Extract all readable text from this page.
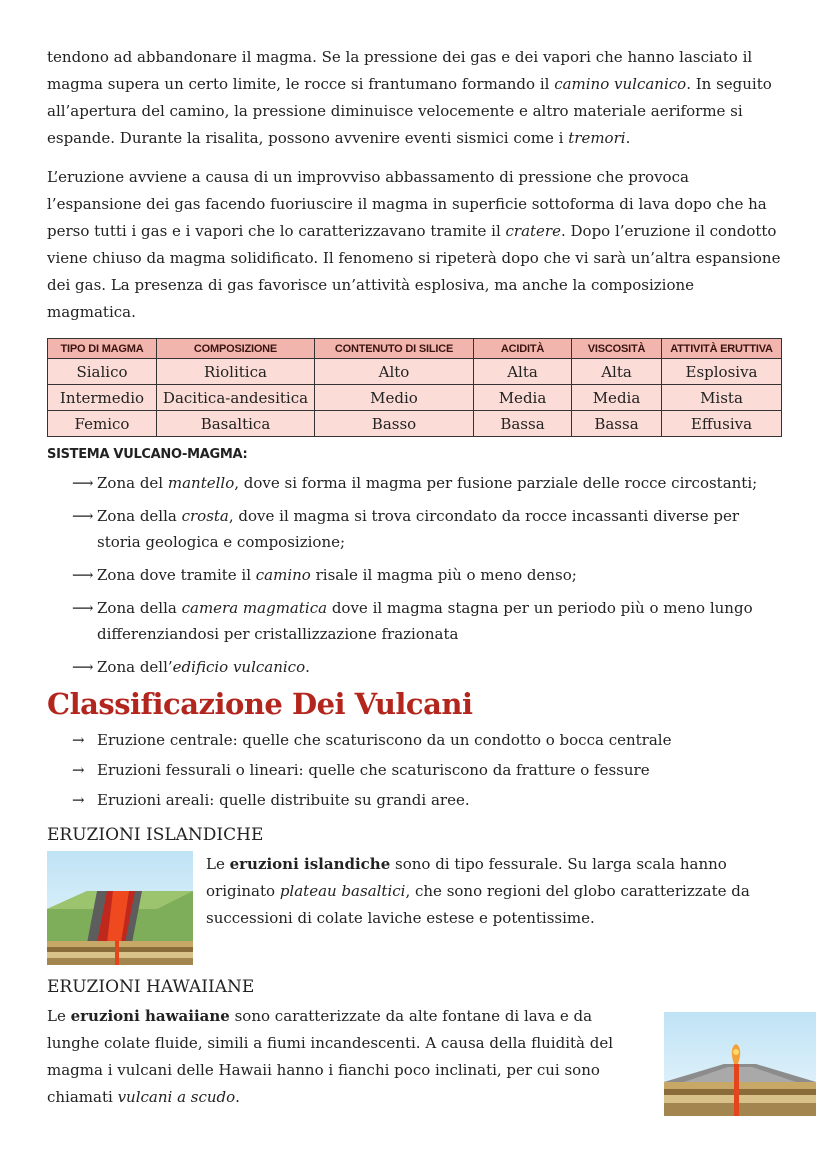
tendono ad abbandonare il magma. Se la pressione dei gas e dei vapori che hanno lasciato il magma supera un certo limite, le rocce si frantumano formando il camino vulcanico. In seguito all’apertura del camino, la pressione diminuisce velocemente e altro materiale aeriforme si espande. Durante la risalita, possono avvenire eventi sismici come i tremori.

L’eruzione avviene a causa di un improvviso abbassamento di pressione che provoca l’espansione dei gas facendo fuoriuscire il magma in superficie sottoforma di lava dopo che ha perso tutti i gas e i vapori che lo caratterizzavano tramite il cratere. Dopo l’eruzione il condotto viene chiuso da magma solidificato. Il fenomeno si ripeterà dopo che vi sarà un’altra espansione dei gas. La presenza di gas favorisce un’attività esplosiva, ma anche la composizione magmatica.

TIPO DI MAGMA	COMPOSIZIONE	CONTENUTO DI SILICE	ACIDITÀ	VISCOSITÀ	ATTIVITÀ ERUTTIVA
Sialico	Riolitica	Alto	Alta	Alta	Esplosiva
Intermedio	Dacitica-andesitica	Medio	Media	Media	Mista
Femico	Basaltica	Basso	Bassa	Bassa	Effusiva
SISTEMA VULCANO-MAGMA:
⟶ Zona del mantello, dove si forma il magma per fusione parziale delle rocce circostanti;
⟶ Zona della crosta, dove il magma si trova circondato da rocce incassanti diverse per storia geologica e composizione;
⟶ Zona dove tramite il camino risale il magma più o meno denso;
⟶ Zona della camera magmatica dove il magma stagna per un periodo più o meno lungo differenziandosi per cristallizzazione frazionata
⟶ Zona dell’edificio vulcanico.
Classificazione Dei Vulcani
→ Eruzione centrale: quelle che scaturiscono da un condotto o bocca centrale
→ Eruzioni fessurali o lineari: quelle che scaturiscono da fratture o fessure
→ Eruzioni areali: quelle distribuite su grandi aree.
ERUZIONI ISLANDICHE

Le eruzioni islandiche sono di tipo fessurale. Su larga scala hanno originato plateau basaltici, che sono regioni del globo caratterizzate da successioni di colate laviche estese e potentissime.

ERUZIONI HAWAIIANE

Le eruzioni hawaiiane sono caratterizzate da alte fontane di lava e da lunghe colate fluide, simili a fiumi incandescenti. A causa della fluidità del magma i vulcani delle Hawaii hanno i fianchi poco inclinati, per cui sono chiamati vulcani a scudo.
